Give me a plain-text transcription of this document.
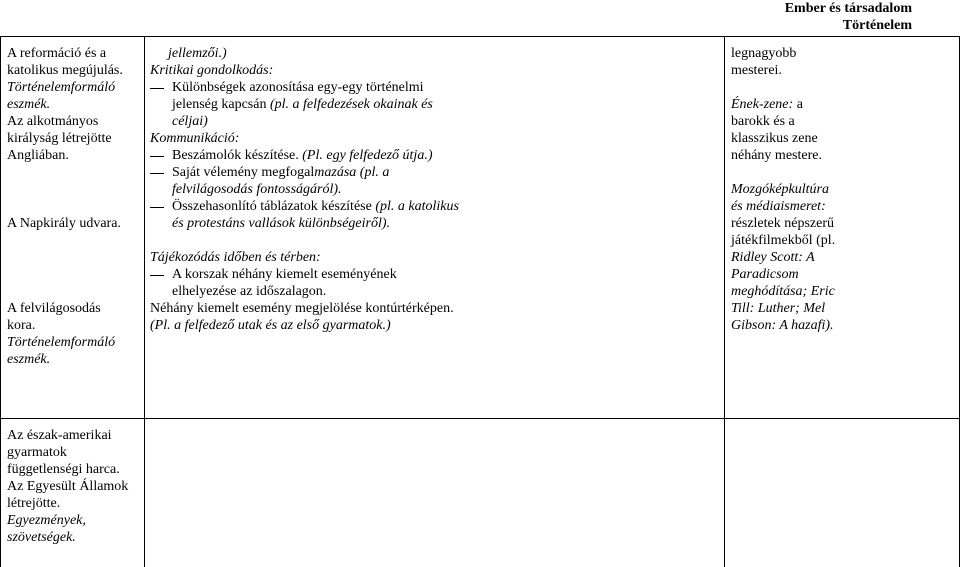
Ember és társadalom
Történelem
A reformáció és a
katolikus megújulás.
Történelemformáló
eszmék.
Az alkotmányos
királyság létrejötte
Angliában.
A Napkirály udvara.
A felvilágosodás
kora.
Történelemformáló
eszmék.
Az észak-amerikai
gyarmatok
függetlenségi harca.
Az Egyesült Államok
létrejötte.
Egyezmények,
szövetségek.
jellemzői.)
Kritikai gondolkodás:
Különbségek azonosítása egy-egy történelmi
jelenség kapcsán (pl. a felfedezések okainak és
céljai)
Kommunikáció:
Beszámolók készítése. (Pl. egy felfedező útja.)
Saját vélemény megfogalmazása (pl. a
felvilágosodás fontosságáról).
Összehasonlító táblázatok készítése (pl. a katolikus
és protestáns vallások különbségeiről).
Tájékozódás időben és térben:
A korszak néhány kiemelt eseményének
elhelyezése az időszalagon.
Néhány kiemelt esemény megjelölése kontúrtérképen.
(Pl. a felfedező utak és az első gyarmatok.)
legnagyobb
mesterei.
Ének-zene: a
barokk és a
klasszikus zene
néhány mestere.
Mozgóképkultúra
és médiaismeret:
részletek népszerű
játékfilmekből (pl.
Ridley Scott: A
Paradicsom
meghódítása; Eric
Till: Luther; Mel
Gibson: A hazafi).
